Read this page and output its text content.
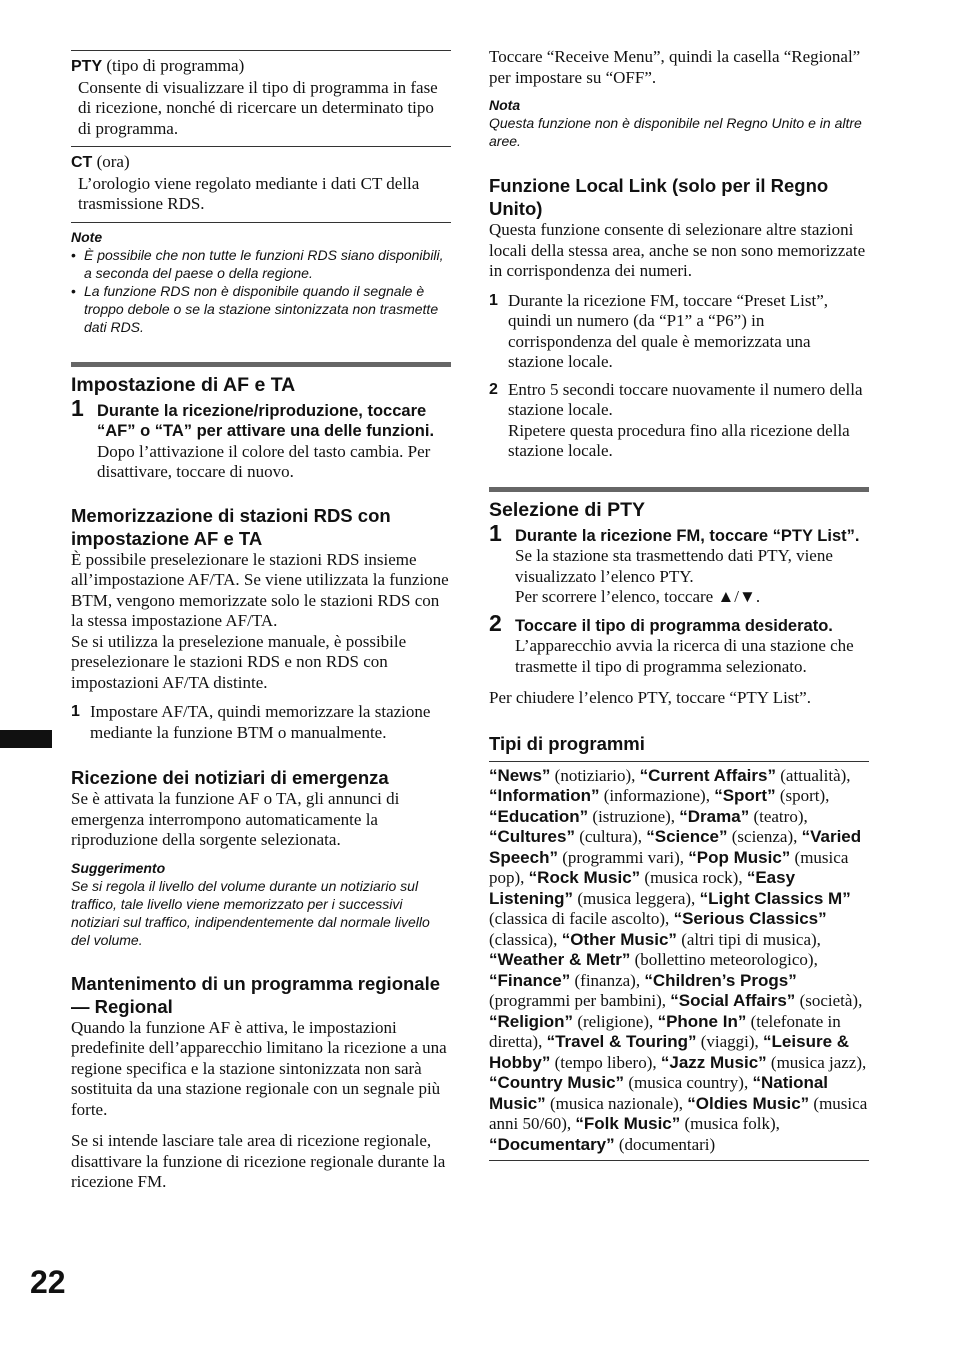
22
PTY (tipo di programma)
Consente di visualizzare il tipo di programma in fase di ricezione, nonché di ricercare un determinato tipo di programma.
CT (ora)
L’orologio viene regolato mediante i dati CT della trasmissione RDS.
Note
• È possibile che non tutte le funzioni RDS siano disponibili, a seconda del paese o della regione.
• La funzione RDS non è disponibile quando il segnale è troppo debole o se la stazione sintonizzata non trasmette dati RDS.
Impostazione di AF e TA
1 Durante la ricezione/riproduzione, toccare “AF” o “TA” per attivare una delle funzioni.
Dopo l’attivazione il colore del tasto cambia. Per disattivare, toccare di nuovo.
Memorizzazione di stazioni RDS con impostazione AF e TA

È possibile preselezionare le stazioni RDS insieme all’impostazione AF/TA. Se viene utilizzata la funzione BTM, vengono memorizzate solo le stazioni RDS con la stessa impostazione AF/TA.

Se si utilizza la preselezione manuale, è possibile preselezionare le stazioni RDS e non RDS con impostazioni AF/TA distinte.

1 Impostare AF/TA, quindi memorizzare la stazione mediante la funzione BTM o manualmente.
Ricezione dei notiziari di emergenza

Se è attivata la funzione AF o TA, gli annunci di emergenza interrompono automaticamente la riproduzione della sorgente selezionata.

Suggerimento
Se si regola il livello del volume durante un notiziario sul traffico, tale livello viene memorizzato per i successivi notiziari sul traffico, indipendentemente dal normale livello del volume.
Mantenimento di un programma regionale — Regional

Quando la funzione AF è attiva, le impostazioni predefinite dell’apparecchio limitano la ricezione a una regione specifica e la stazione sintonizzata non sarà sostituita da una stazione regionale con un segnale più forte.

Se si intende lasciare tale area di ricezione regionale, disattivare la funzione di ricezione regionale durante la ricezione FM.

Toccare “Receive Menu”, quindi la casella “Regional” per impostare su “OFF”.

Nota
Questa funzione non è disponibile nel Regno Unito e in altre aree.
Funzione Local Link (solo per il Regno Unito)

Questa funzione consente di selezionare altre stazioni locali della stessa area, anche se non sono memorizzate in corrispondenza dei numeri.

1 Durante la ricezione FM, toccare “Preset List”, quindi un numero (da “P1” a “P6”) in corrispondenza del quale è memorizzata una stazione locale.
2 Entro 5 secondi toccare nuovamente il numero della stazione locale.
Ripetere questa procedura fino alla ricezione della stazione locale.
Selezione di PTY
1 Durante la ricezione FM, toccare “PTY List”.
Se la stazione sta trasmettendo dati PTY, viene visualizzato l’elenco PTY.
Per scorrere l’elenco, toccare ▲/▼.
2 Toccare il tipo di programma desiderato.
L’apparecchio avvia la ricerca di una stazione che trasmette il tipo di programma selezionato.

Per chiudere l’elenco PTY, toccare “PTY List”.

Tipi di programmi
“News” (notiziario), “Current Affairs” (attualità), “Information” (informazione), “Sport” (sport), “Education” (istruzione), “Drama” (teatro), “Cultures” (cultura), “Science” (scienza), “Varied Speech” (programmi vari), “Pop Music” (musica pop), “Rock Music” (musica rock), “Easy Listening” (musica leggera), “Light Classics M” (classica di facile ascolto), “Serious Classics” (classica), “Other Music” (altri tipi di musica), “Weather & Metr” (bollettino meteorologico), “Finance” (finanza), “Children’s Progs” (programmi per bambini), “Social Affairs” (società), “Religion” (religione), “Phone In” (telefonate in diretta), “Travel & Touring” (viaggi), “Leisure & Hobby” (tempo libero), “Jazz Music” (musica jazz), “Country Music” (musica country), “National Music” (musica nazionale), “Oldies Music” (musica anni 50/60), “Folk Music” (musica folk), “Documentary” (documentari)
